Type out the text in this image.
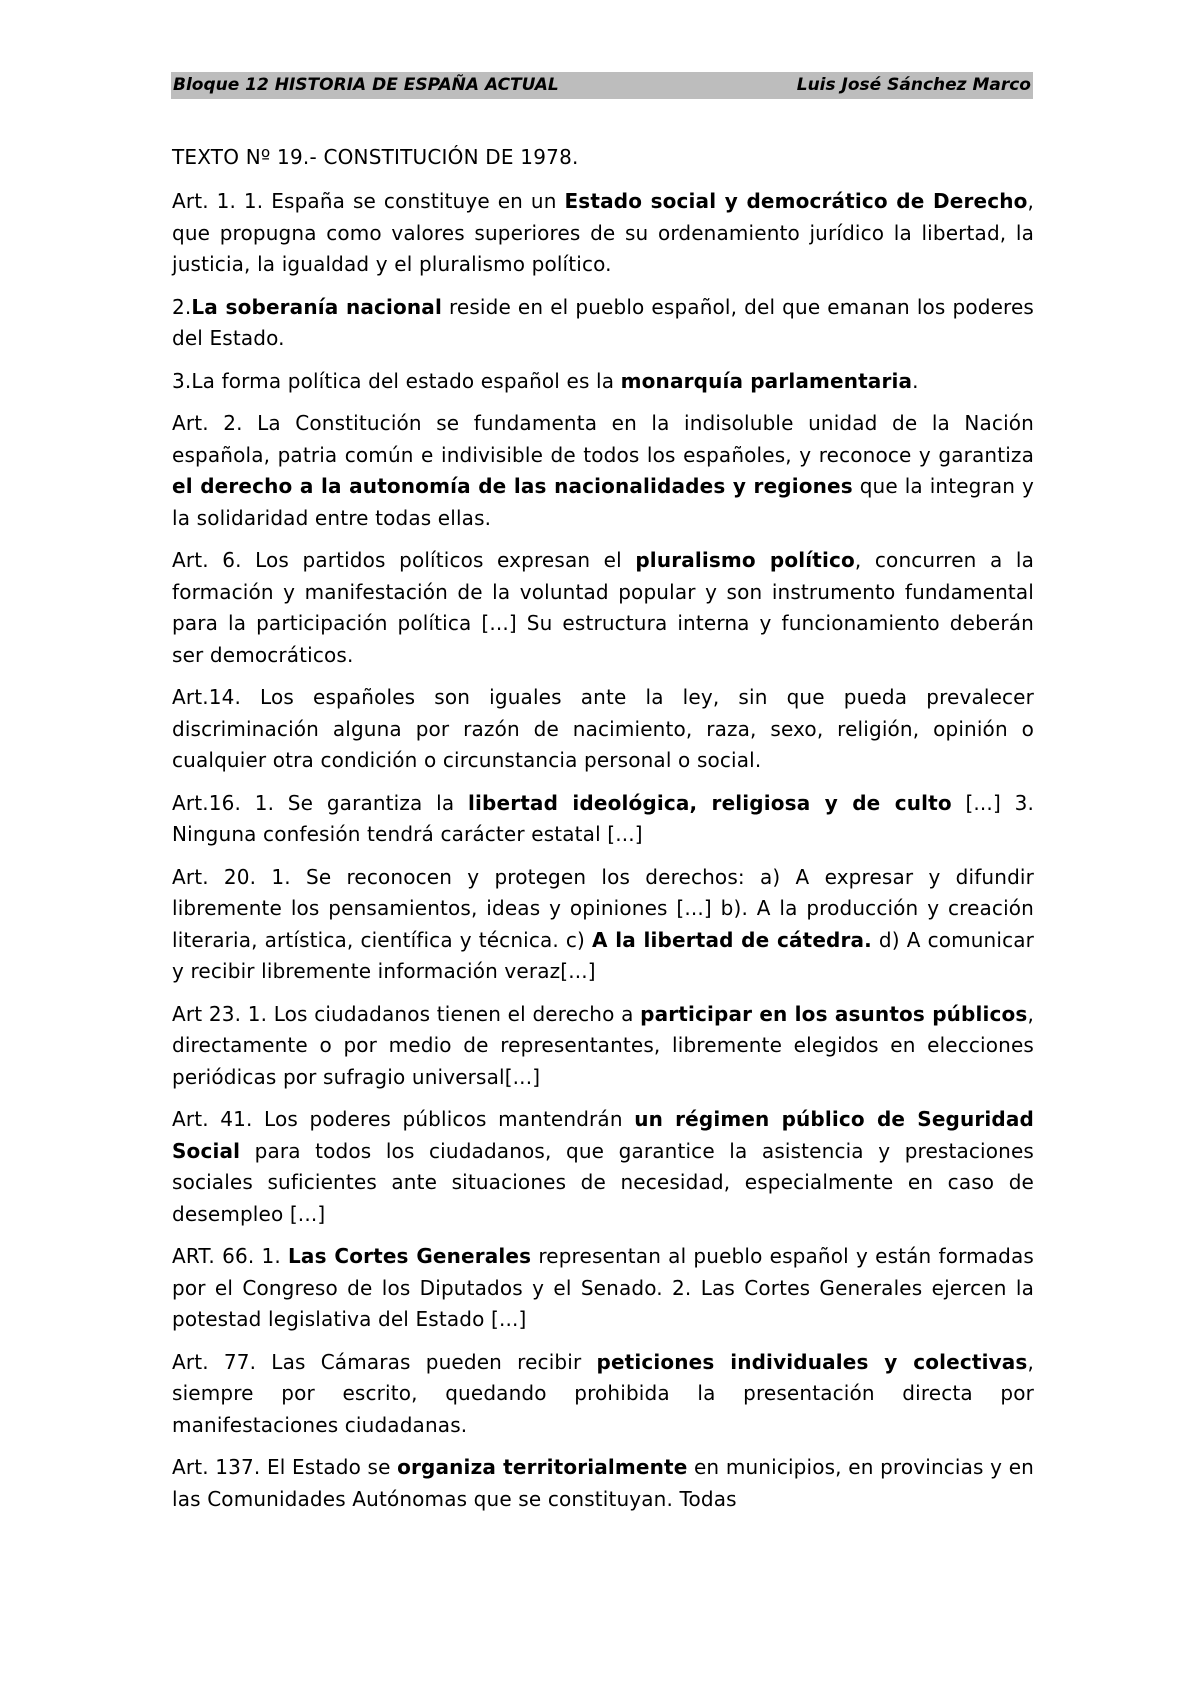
Bloque 12 HISTORIA DE ESPAÑA ACTUAL	Luis José Sánchez Marco
TEXTO Nº 19.- CONSTITUCIÓN DE 1978.

Art. 1. 1. España se constituye en un Estado social y democrático de Derecho, que propugna como valores superiores de su ordenamiento jurídico la libertad, la justicia, la igualdad y el pluralismo político.

2.La soberanía nacional reside en el pueblo español, del que emanan los poderes del Estado.

3.La forma política del estado español es la monarquía parlamentaria.

Art. 2. La Constitución se fundamenta en la indisoluble unidad de la Nación española, patria común e indivisible de todos los españoles, y reconoce y garantiza el derecho a la autonomía de las nacionalidades y regiones que la integran y la solidaridad entre todas ellas.

Art. 6. Los partidos políticos expresan el pluralismo político, concurren a la formación y manifestación de la voluntad popular y son instrumento fundamental para la participación política [...] Su estructura interna y funcionamiento deberán ser democráticos.

Art.14. Los españoles son iguales ante la ley, sin que pueda prevalecer discriminación alguna por razón de nacimiento, raza, sexo, religión, opinión o cualquier otra condición o circunstancia personal o social.

Art.16. 1. Se garantiza la libertad ideológica, religiosa y de culto [...] 3. Ninguna confesión tendrá carácter estatal [...]

Art. 20. 1. Se reconocen y protegen los derechos: a) A expresar y difundir libremente los pensamientos, ideas y opiniones [...] b). A la producción y creación literaria, artística, científica y técnica. c) A la libertad de cátedra. d) A comunicar y recibir libremente información veraz[...]

Art 23. 1. Los ciudadanos tienen el derecho a participar en los asuntos públicos, directamente o por medio de representantes, libremente elegidos en elecciones periódicas por sufragio universal[...]

Art. 41. Los poderes públicos mantendrán un régimen público de Seguridad Social para todos los ciudadanos, que garantice la asistencia y prestaciones sociales suficientes ante situaciones de necesidad, especialmente en caso de desempleo [...]

ART. 66. 1. Las Cortes Generales representan al pueblo español y están formadas por el Congreso de los Diputados y el Senado. 2. Las Cortes Generales ejercen la potestad legislativa del Estado [...]

Art. 77. Las Cámaras pueden recibir peticiones individuales y colectivas, siempre por escrito, quedando prohibida la presentación directa por manifestaciones ciudadanas.

Art. 137. El Estado se organiza territorialmente en municipios, en provincias y en las Comunidades Autónomas que se constituyan. Todas
